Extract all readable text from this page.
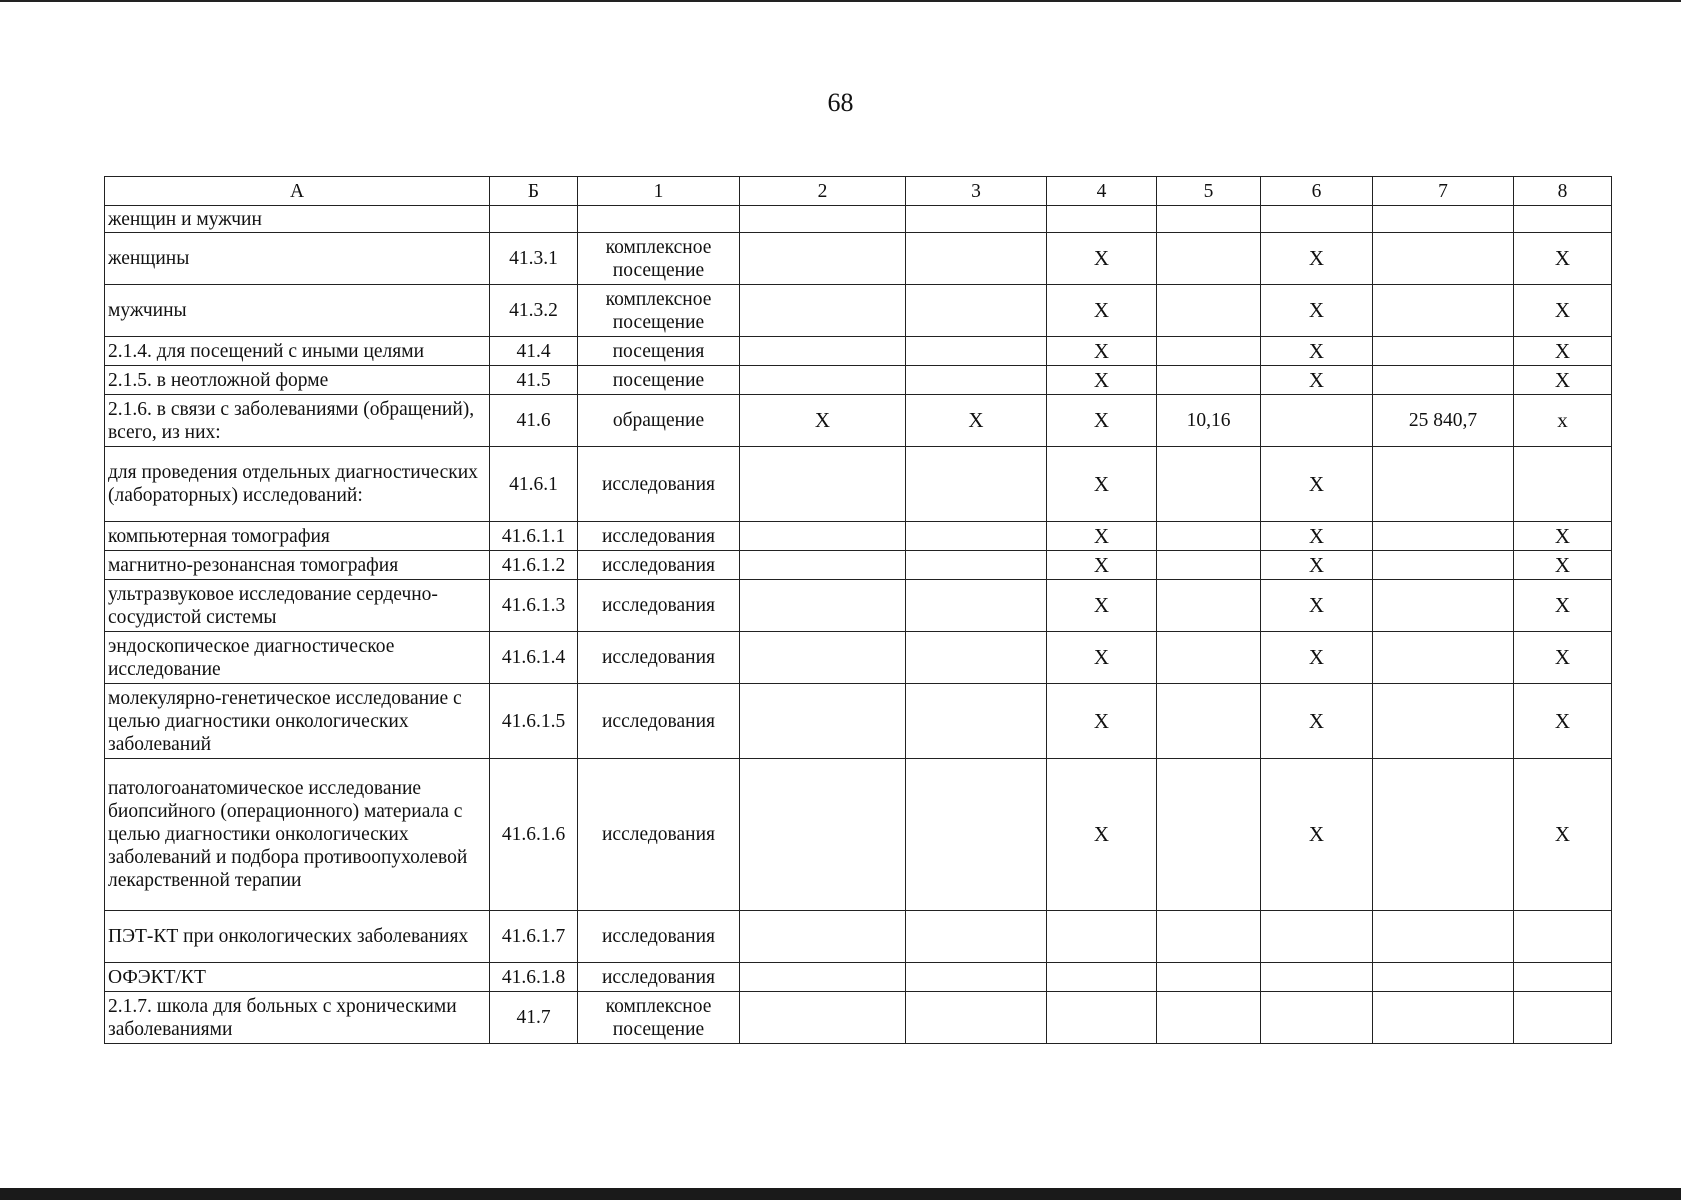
68
А	Б	1	2	3	4	5	6	7	8
женщин и мужчин									
женщины	41.3.1	комплексное посещение			Х		Х		Х
мужчины	41.3.2	комплексное посещение			Х		Х		Х
2.1.4. для посещений с иными целями	41.4	посещения			Х		Х		Х
2.1.5. в неотложной форме	41.5	посещение			Х		Х		Х
2.1.6. в связи с заболеваниями (обращений), всего, из них:	41.6	обращение	Х	Х	Х	10,16		25 840,7	х
для проведения отдельных диагностических (лабораторных) исследований:	41.6.1	исследования			Х		Х		
компьютерная томография	41.6.1.1	исследования			Х		Х		Х
магнитно-резонансная томография	41.6.1.2	исследования			Х		Х		Х
ультразвуковое исследование сердечно-сосудистой системы	41.6.1.3	исследования			Х		Х		Х
эндоскопическое диагностическое исследование	41.6.1.4	исследования			Х		Х		Х
молекулярно-генетическое исследование с целью диагностики онкологических заболеваний	41.6.1.5	исследования			Х		Х		Х
патологоанатомическое исследование биопсийного (операционного) материала с целью диагностики онкологических заболеваний и подбора противоопухолевой лекарственной терапии	41.6.1.6	исследования			Х		Х		Х
ПЭТ-КТ при онкологических заболеваниях	41.6.1.7	исследования							
ОФЭКТ/КТ	41.6.1.8	исследования							
2.1.7. школа для больных с хроническими заболеваниями	41.7	комплексное посещение							
